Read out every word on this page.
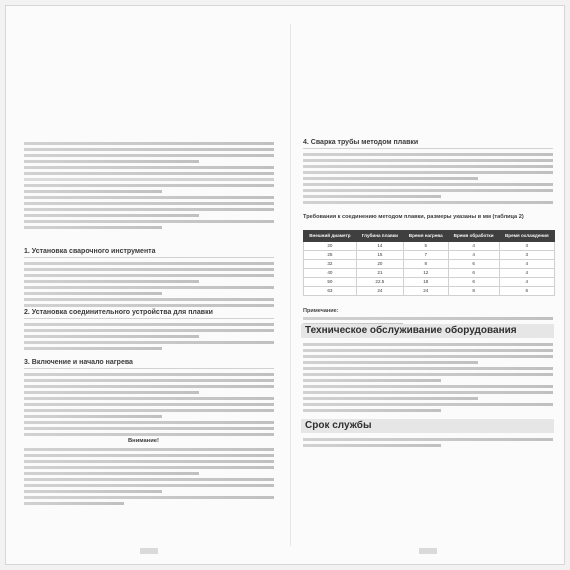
1. Установка сварочного инструмента
2. Установка соединительного устройства для плавки
3. Включение и начало нагрева
Внимание!
4. Сварка трубы методом плавки
Требования к соединению методом плавки, размеры указаны в мм (таблица 2)
Внешний диаметр	Глубина плавки	Время нагрева	Время обработки	Время охлаждения
20	14	5	4	3
25	15	7	4	3
32	20	8	6	4
40	21	12	6	4
50	22.5	18	6	4
63	24	24	8	6
Примечание:
Техническое обслуживание оборудования
Срок службы
